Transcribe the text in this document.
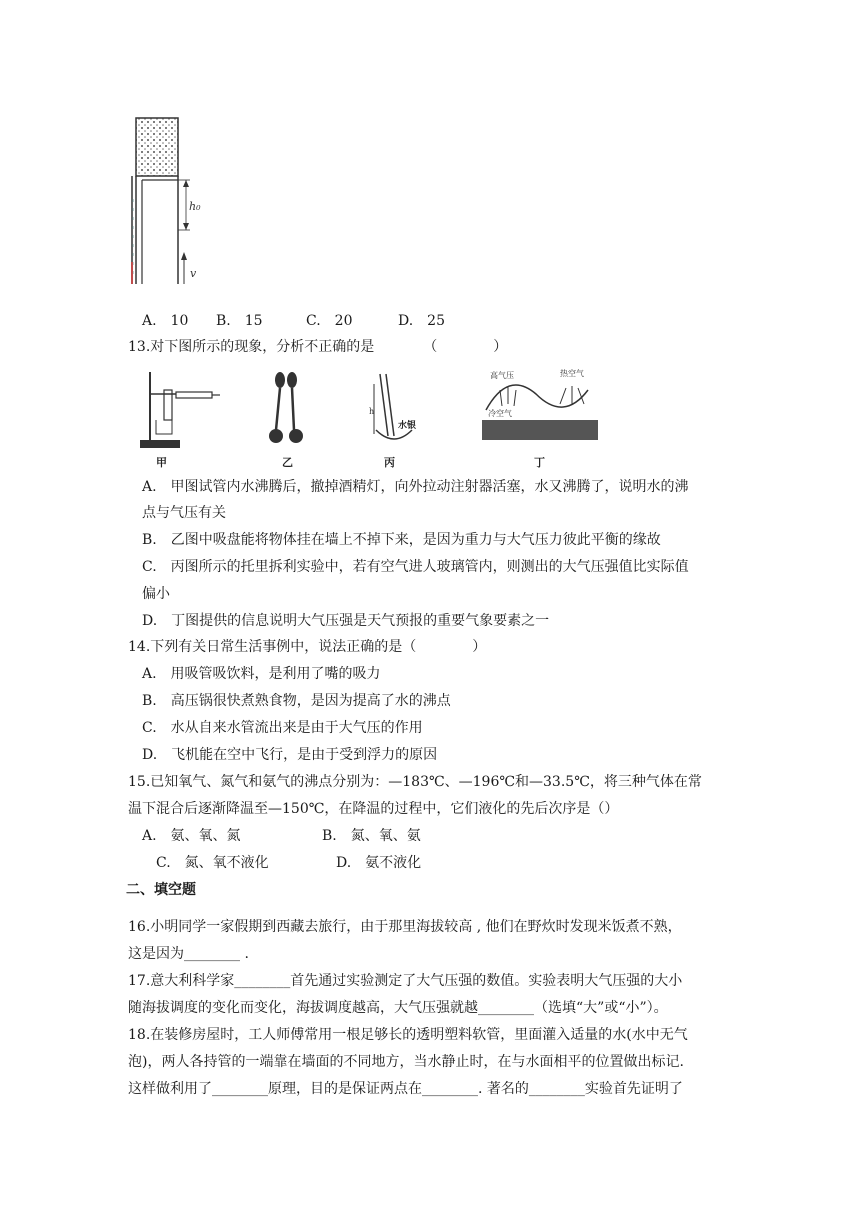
h₀
v
A.　10 B.　15	C.　20	D.　25
13.对下图所示的现象，分析不正确的是　　　　（　　　　）
甲	乙
h
水银
丙
高气压	热空气
冷空气
丁
A.　甲图试管内水沸腾后，撤掉酒精灯，向外拉动注射器活塞，水又沸腾了，说明水的沸
点与气压有关
B.　乙图中吸盘能将物体挂在墙上不掉下来，是因为重力与大气压力彼此平衡的缘故
C.　丙图所示的托里拆利实验中，若有空气进人玻璃管内，则测出的大气压强值比实际值
偏小
D.　丁图提供的信息说明大气压强是天气预报的重要气象要素之一
14.下列有关日常生活事例中，说法正确的是（　　　　）
A.　用吸管吸饮料，是利用了嘴的吸力
B.　高压锅很快煮熟食物，是因为提高了水的沸点
C.　水从自来水管流出来是由于大气压的作用
D.　飞机能在空中飞行，是由于受到浮力的原因
15.已知氧气、氮气和氨气的沸点分别为：—183℃、—196℃和—33.5℃，将三种气体在常
温下混合后逐渐降温至—150℃，在降温的过程中，它们液化的先后次序是（）
A.　氨、氧、氮	B.　氮、氧、氨
C.　氮、氧不液化	D.　氨不液化
二、填空题
16.小明同学一家假期到西藏去旅行，由于那里海拔较高 , 他们在野炊时发现米饭煮不熟，
这是因为________ .
17.意大利科学家________首先通过实验测定了大气压强的数值。实验表明大气压强的大小
随海拔调度的变化而变化，海拔调度越高，大气压强就越________（选填“大”或“小”）。
18.在装修房屋时，工人师傅常用一根足够长的透明塑料软管，里面灌入适量的水(水中无气
泡)，两人各持管的一端靠在墙面的不同地方，当水静止时，在与水面相平的位置做出标记.
这样做利用了________原理，目的是保证两点在________. 著名的________实验首先证明了
